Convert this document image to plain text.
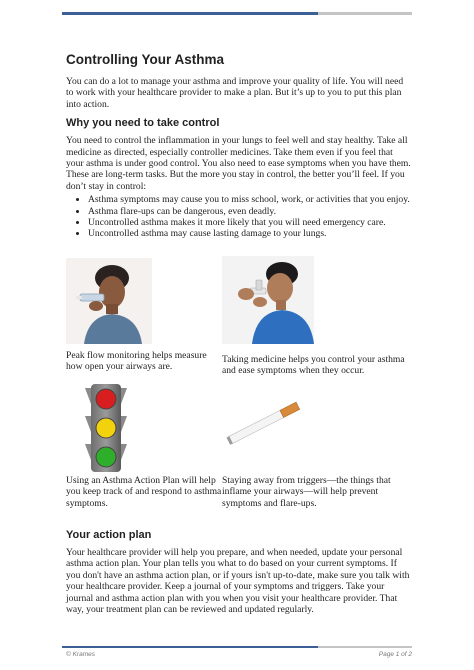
Controlling Your Asthma

You can do a lot to manage your asthma and improve your quality of life. You will need to work with your healthcare provider to make a plan. But it’s up to you to put this plan into action.

Why you need to take control

You need to control the inflammation in your lungs to feel well and stay healthy. Take all medicine as directed, especially controller medicines. Take them even if you feel that your asthma is under good control. You also need to ease symptoms when you have them. These are long-term tasks. But the more you stay in control, the better you’ll feel. If you don’t stay in control:

• Asthma symptoms may cause you to miss school, work, or activities that you enjoy.
• Asthma flare-ups can be dangerous, even deadly.
• Uncontrolled asthma makes it more likely that you will need emergency care.
• Uncontrolled asthma may cause lasting damage to your lungs.
Peak flow monitoring helps measure how open your airways are.
Taking medicine helps you control your asthma and ease symptoms when they occur.
Using an Asthma Action Plan will help you keep track of and respond to asthma symptoms.
Staying away from triggers—the things that inflame your airways—will help prevent symptoms and flare-ups.
Your action plan

Your healthcare provider will help you prepare, and when needed, update your personal asthma action plan. Your plan tells you what to do based on your current symptoms. If you don't have an asthma action plan, or if yours isn't up-to-date, make sure you talk with your healthcare provider. Keep a journal of your symptoms and triggers. Take your journal and asthma action plan with you when you visit your healthcare provider. That way, your treatment plan can be reviewed and updated regularly.

© Krames	Page 1 of 2
